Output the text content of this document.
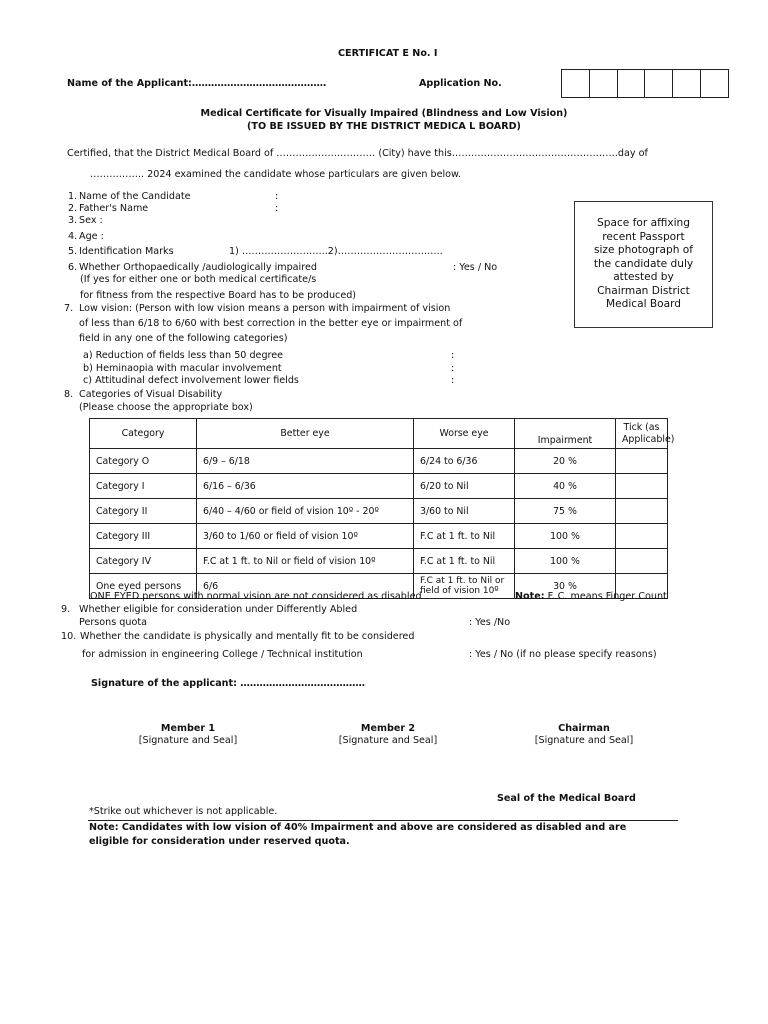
CERTIFICAT E No. I
Name of the Applicant:……………………………………	Application No.
Medical Certificate for Visually Impaired (Blindness and Low Vision)
(TO BE ISSUED BY THE DISTRICT MEDICA L BOARD)
Certified, that the District Medical Board of ……………….………… (City) have this…………………………………………….day of
…………….. 2024 examined the candidate whose particulars are given below.
1. Name of the Candidate	:
2. Father's Name	:
3. Sex :
4. Age :
5. Identification Marks	1) ……………………...2)……………………….…..
6. Whether Orthopaedically /audiologically impaired	: Yes / No
(If yes for either one or both medical certificate/s
for fitness from the respective Board has to be produced)
Space for affixing
recent Passport
size photograph of
the candidate duly
attested by
Chairman District
Medical Board
7. Low vision: (Person with low vision means a person with impairment of vision
of less than 6/18 to 6/60 with best correction in the better eye or impairment of
field in any one of the following categories)
a) Reduction of fields less than 50 degree	:
b) Heminaopia with macular involvement	:
c) Attitudinal defect involvement lower fields	:
8. Categories of Visual Disability
(Please choose the appropriate box)
Category	Better eye	Worse eye	Impairment	Tick (as Applicable)
Category O	6/9 – 6/18	6/24 to 6/36	20 %	
Category I	6/16 – 6/36	6/20 to Nil	40 %	
Category II	6/40 – 4/60 or field of vision 10º - 20º	3/60 to Nil	75 %	
Category III	3/60 to 1/60 or field of vision 10º	F.C at 1 ft. to Nil	100 %	
Category IV	F.C at 1 ft. to Nil or field of vision 10º	F.C at 1 ft. to Nil	100 %	
One eyed persons	6/6	F.C at 1 ft. to Nil or field of vision 10º	30 %	
ONE EYED persons with normal vision are not considered as disabled	Note: F. C. means Finger Count
9. Whether eligible for consideration under Differently Abled
Persons quota	: Yes /No
10. Whether the candidate is physically and mentally fit to be considered
for admission in engineering College / Technical institution	: Yes / No (if no please specify reasons)
Signature of the applicant: …………………………………
Member 1
[Signature and Seal]
Member 2
[Signature and Seal]
Chairman
[Signature and Seal]
Seal of the Medical Board
*Strike out whichever is not applicable.
Note: Candidates with low vision of 40% Impairment and above are considered as disabled and are
eligible for consideration under reserved quota.
